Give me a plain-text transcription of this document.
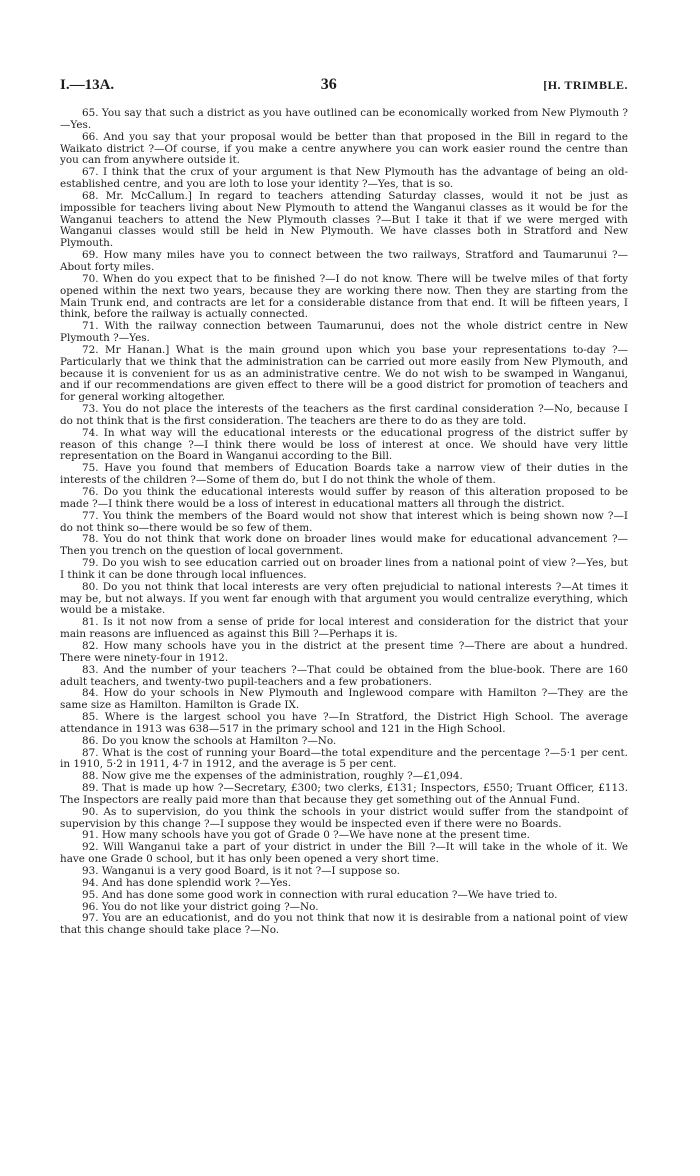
I.—13A.	36	[H. TRIMBLE.

65. You say that such a district as you have outlined can be economically worked from New Plymouth ?—Yes.

66. And you say that your proposal would be better than that proposed in the Bill in regard to the Waikato district ?—Of course, if you make a centre anywhere you can work easier round the centre than you can from anywhere outside it.

67. I think that the crux of your argument is that New Plymouth has the advantage of being an old-established centre, and you are loth to lose your identity ?—Yes, that is so.

68. Mr. McCallum.] In regard to teachers attending Saturday classes, would it not be just as impossible for teachers living about New Plymouth to attend the Wanganui classes as it would be for the Wanganui teachers to attend the New Plymouth classes ?—But I take it that if we were merged with Wanganui classes would still be held in New Plymouth. We have classes both in Stratford and New Plymouth.

69. How many miles have you to connect between the two railways, Stratford and Taumarunui ?—About forty miles.

70. When do you expect that to be finished ?—I do not know. There will be twelve miles of that forty opened within the next two years, because they are working there now. Then they are starting from the Main Trunk end, and contracts are let for a considerable distance from that end. It will be fifteen years, I think, before the railway is actually connected.

71. With the railway connection between Taumarunui, does not the whole district centre in New Plymouth ?—Yes.

72. Mr Hanan.] What is the main ground upon which you base your representations to-day ?—Particularly that we think that the administration can be carried out more easily from New Plymouth, and because it is convenient for us as an administrative centre. We do not wish to be swamped in Wanganui, and if our recommendations are given effect to there will be a good district for promotion of teachers and for general working altogether.

73. You do not place the interests of the teachers as the first cardinal consideration ?—No, because I do not think that is the first consideration. The teachers are there to do as they are told.

74. In what way will the educational interests or the educational progress of the district suffer by reason of this change ?—I think there would be loss of interest at once. We should have very little representation on the Board in Wanganui according to the Bill.

75. Have you found that members of Education Boards take a narrow view of their duties in the interests of the children ?—Some of them do, but I do not think the whole of them.

76. Do you think the educational interests would suffer by reason of this alteration proposed to be made ?—I think there would be a loss of interest in educational matters all through the district.

77. You think the members of the Board would not show that interest which is being shown now ?—I do not think so—there would be so few of them.

78. You do not think that work done on broader lines would make for educational advancement ?—Then you trench on the question of local government.

79. Do you wish to see education carried out on broader lines from a national point of view ?—Yes, but I think it can be done through local influences.

80. Do you not think that local interests are very often prejudicial to national interests ?—At times it may be, but not always. If you went far enough with that argument you would centralize everything, which would be a mistake.

81. Is it not now from a sense of pride for local interest and consideration for the district that your main reasons are influenced as against this Bill ?—Perhaps it is.

82. How many schools have you in the district at the present time ?—There are about a hundred. There were ninety-four in 1912.

83. And the number of your teachers ?—That could be obtained from the blue-book. There are 160 adult teachers, and twenty-two pupil-teachers and a few probationers.

84. How do your schools in New Plymouth and Inglewood compare with Hamilton ?—They are the same size as Hamilton. Hamilton is Grade IX.

85. Where is the largest school you have ?—In Stratford, the District High School. The average attendance in 1913 was 638—517 in the primary school and 121 in the High School.

86. Do you know the schools at Hamilton ?—No.

87. What is the cost of running your Board—the total expenditure and the percentage ?—5·1 per cent. in 1910, 5·2 in 1911, 4·7 in 1912, and the average is 5 per cent.

88. Now give me the expenses of the administration, roughly ?—£1,094.

89. That is made up how ?—Secretary, £300; two clerks, £131; Inspectors, £550; Truant Officer, £113. The Inspectors are really paid more than that because they get something out of the Annual Fund.

90. As to supervision, do you think the schools in your district would suffer from the standpoint of supervision by this change ?—I suppose they would be inspected even if there were no Boards.

91. How many schools have you got of Grade 0 ?—We have none at the present time.

92. Will Wanganui take a part of your district in under the Bill ?—It will take in the whole of it. We have one Grade 0 school, but it has only been opened a very short time.

93. Wanganui is a very good Board, is it not ?—I suppose so.

94. And has done splendid work ?—Yes.

95. And has done some good work in connection with rural education ?—We have tried to.

96. You do not like your district going ?—No.

97. You are an educationist, and do you not think that now it is desirable from a national point of view that this change should take place ?—No.
